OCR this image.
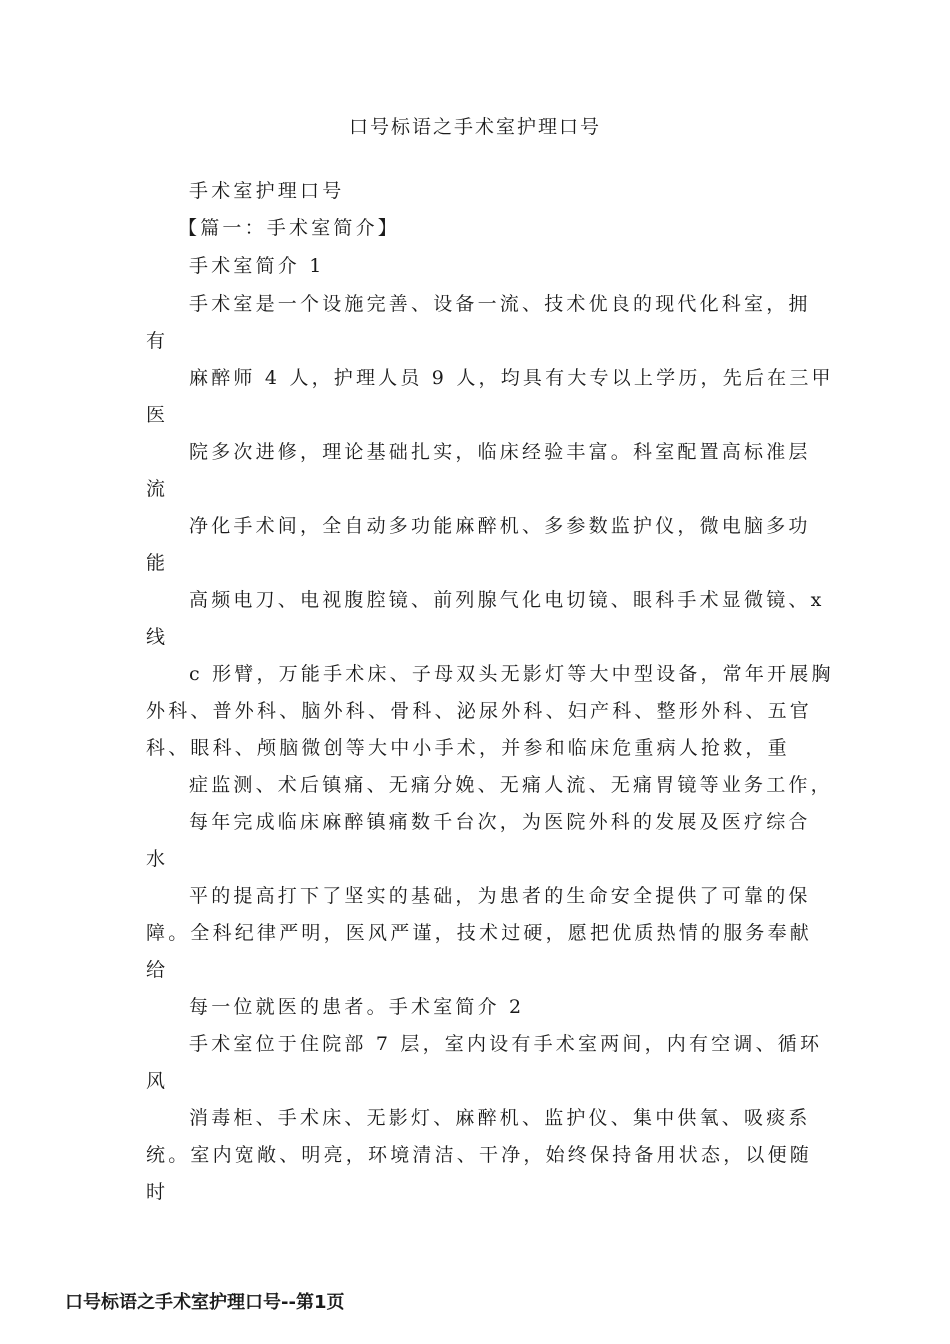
口号标语之手术室护理口号
手术室护理口号
【篇一：手术室简介】
手术室简介 1
手术室是一个设施完善、设备一流、技术优良的现代化科室，拥
有
麻醉师 4 人，护理人员 9 人，均具有大专以上学历，先后在三甲
医
院多次进修，理论基础扎实，临床经验丰富。科室配置高标准层
流
净化手术间，全自动多功能麻醉机、多参数监护仪，微电脑多功
能
高频电刀、电视腹腔镜、前列腺气化电切镜、眼科手术显微镜、x
线
c 形臂，万能手术床、子母双头无影灯等大中型设备，常年开展胸
外科、普外科、脑外科、骨科、泌尿外科、妇产科、整形外科、五官
科、眼科、颅脑微创等大中小手术，并参和临床危重病人抢救，重
症监测、术后镇痛、无痛分娩、无痛人流、无痛胃镜等业务工作，
每年完成临床麻醉镇痛数千台次，为医院外科的发展及医疗综合
水
平的提高打下了坚实的基础，为患者的生命安全提供了可靠的保
障。全科纪律严明，医风严谨，技术过硬，愿把优质热情的服务奉献
给
每一位就医的患者。手术室简介 2
手术室位于住院部 7 层，室内设有手术室两间，内有空调、循环
风
消毒柜、手术床、无影灯、麻醉机、监护仪、集中供氧、吸痰系
统。室内宽敞、明亮，环境清洁、干净，始终保持备用状态，以便随
时
口号标语之手术室护理口号--第1页
